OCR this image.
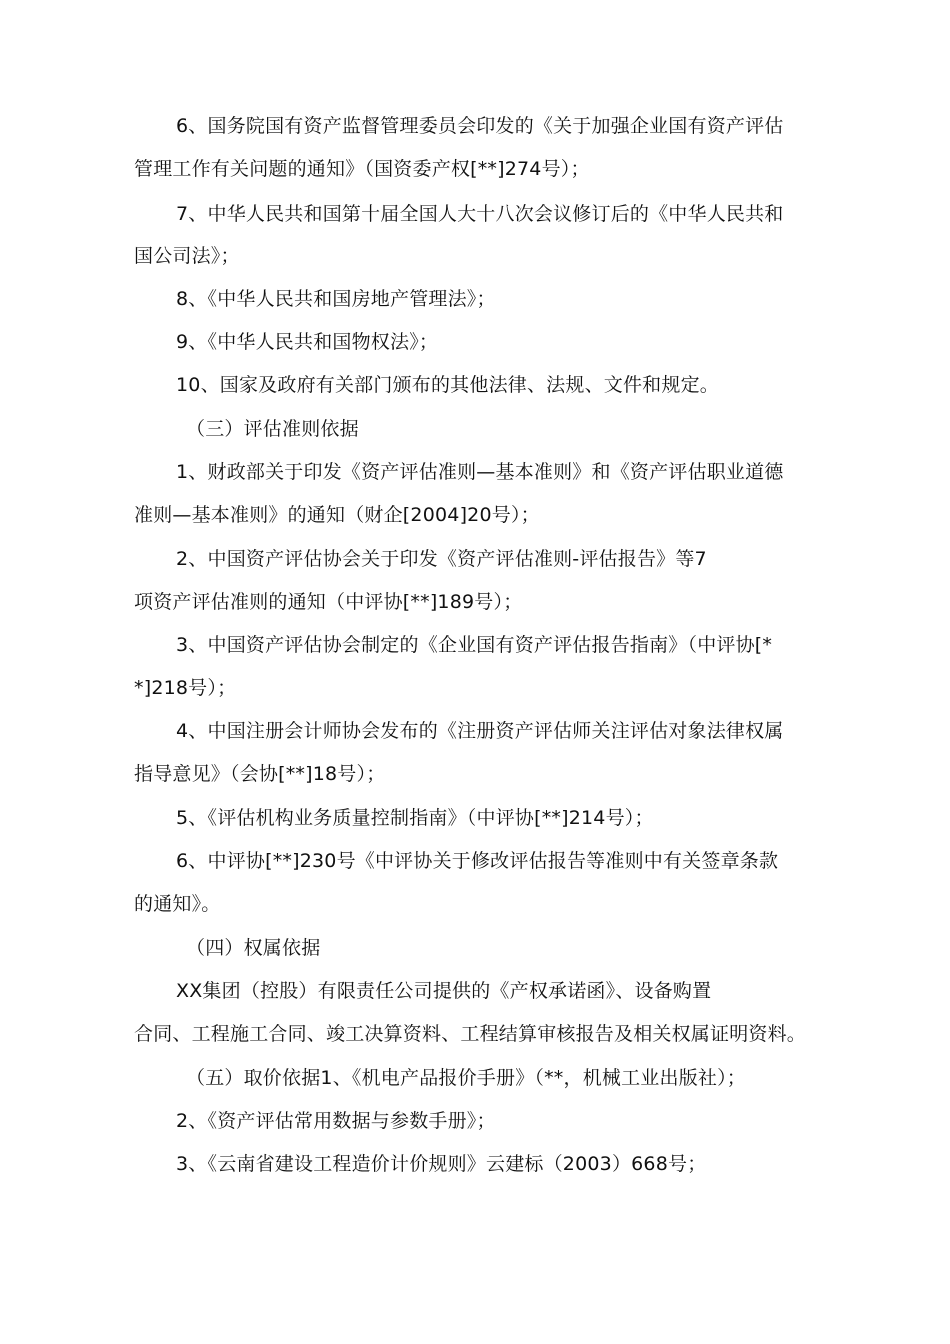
6、国务院国有资产监督管理委员会印发的《关于加强企业国有资产评估
管理工作有关问题的通知》（国资委产权[**]274号）；
7、中华人民共和国第十届全国人大十八次会议修订后的《中华人民共和
国公司法》；
8、《中华人民共和国房地产管理法》；
9、《中华人民共和国物权法》；
10、国家及政府有关部门颁布的其他法律、法规、文件和规定。
（三）评估准则依据
1、财政部关于印发《资产评估准则—基本准则》和《资产评估职业道德
准则—基本准则》的通知（财企[2004]20号）；
2、中国资产评估协会关于印发《资产评估准则-评估报告》等7
项资产评估准则的通知（中评协[**]189号）；
3、中国资产评估协会制定的《企业国有资产评估报告指南》（中评协[*
*]218号）；
4、中国注册会计师协会发布的《注册资产评估师关注评估对象法律权属
指导意见》（会协[**]18号）；
5、《评估机构业务质量控制指南》（中评协[**]214号）；
6、中评协[**]230号《中评协关于修改评估报告等准则中有关签章条款
的通知》。
（四）权属依据
XX集团（控股）有限责任公司提供的《产权承诺函》、设备购置
合同、工程施工合同、竣工决算资料、工程结算审核报告及相关权属证明资料。
（五）取价依据1、《机电产品报价手册》（**，机械工业出版社）；
2、《资产评估常用数据与参数手册》；
3、《云南省建设工程造价计价规则》云建标（2003）668号；
